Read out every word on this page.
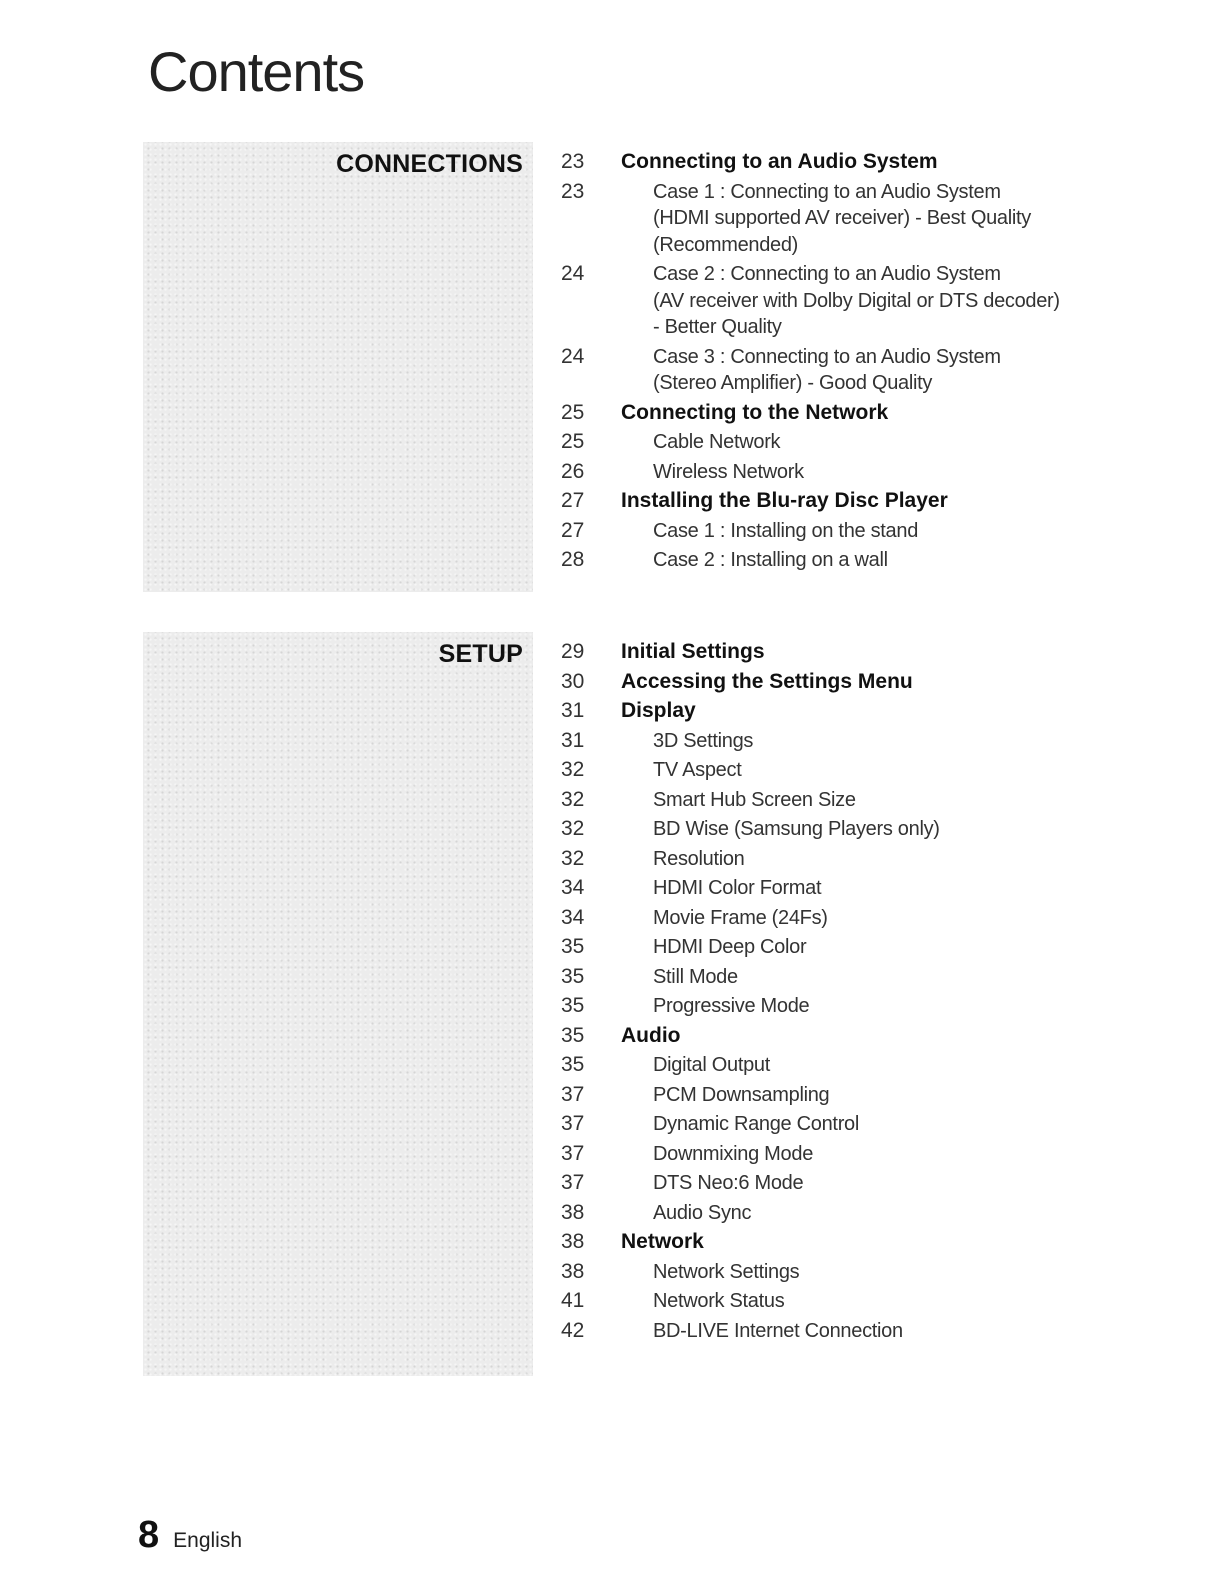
Contents
CONNECTIONS 23	Connecting to an Audio System
23	Case 1 : Connecting to an Audio System
(HDMI supported AV receiver) - Best Quality
(Recommended)
24	Case 2 : Connecting to an Audio System
(AV receiver with Dolby Digital or DTS decoder)
- Better Quality
24	Case 3 : Connecting to an Audio System
(Stereo Amplifier) - Good Quality
25	Connecting to the Network
25	Cable Network
26	Wireless Network
27	Installing the Blu-ray Disc Player
27	Case 1 : Installing on the stand
28	Case 2 : Installing on a wall
SETUP 29	Initial Settings
30	Accessing the Settings Menu
31	Display
31	3D Settings
32	TV Aspect
32	Smart Hub Screen Size
32	BD Wise (Samsung Players only)
32	Resolution
34	HDMI Color Format
34	Movie Frame (24Fs)
35	HDMI Deep Color
35	Still Mode
35	Progressive Mode
35	Audio
35	Digital Output
37	PCM Downsampling
37	Dynamic Range Control
37	Downmixing Mode
37	DTS Neo:6 Mode
38	Audio Sync
38	Network
38	Network Settings
41	Network Status
42	BD-LIVE Internet Connection
8 English
